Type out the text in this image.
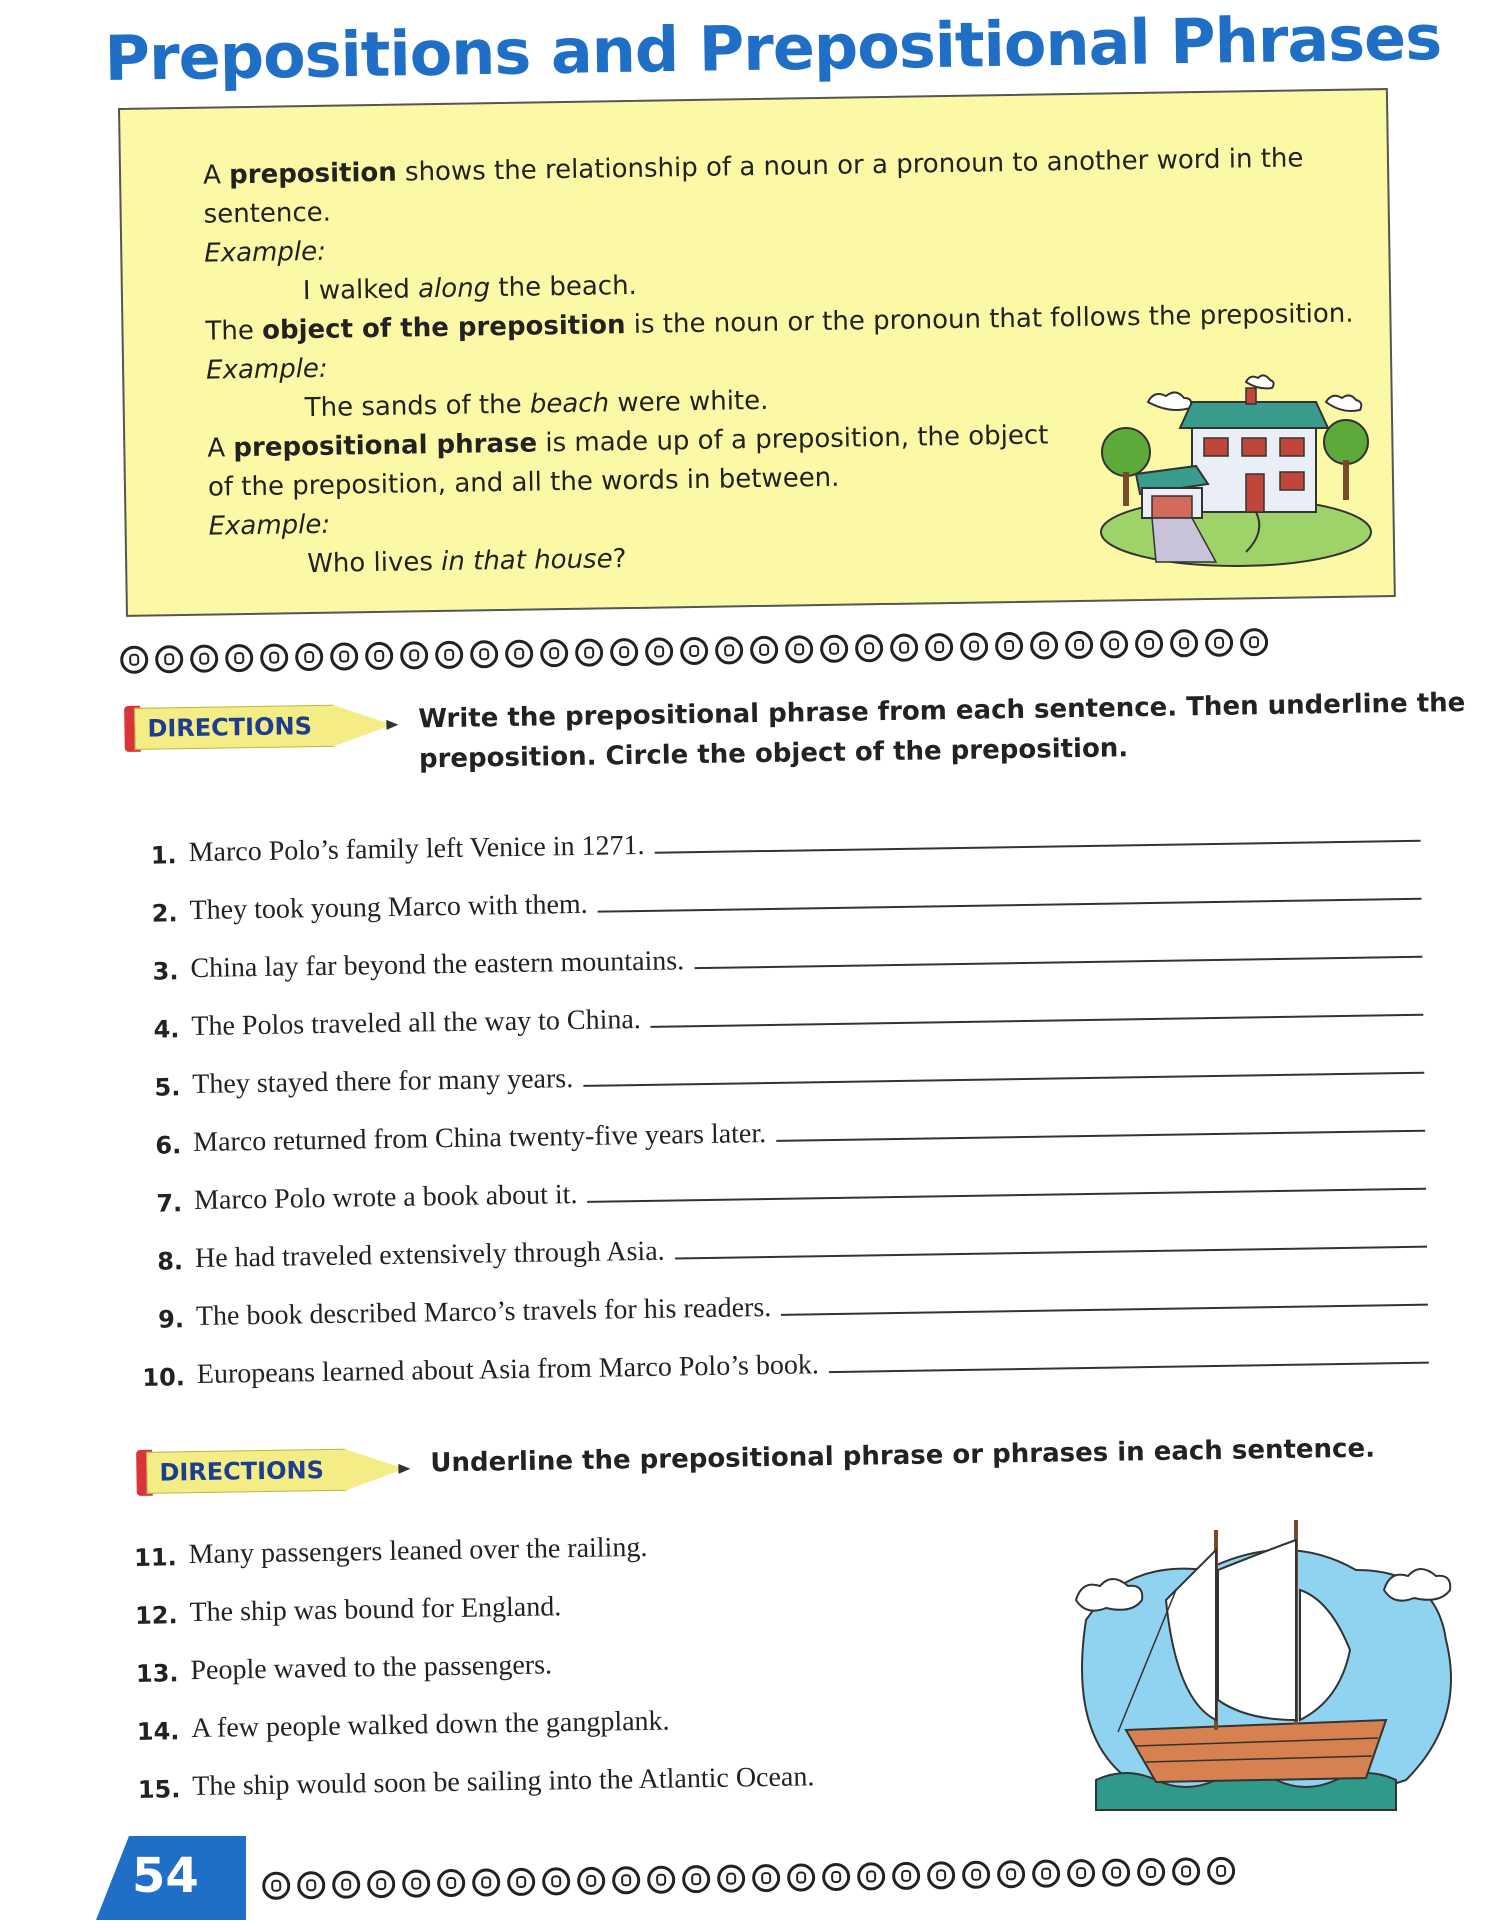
Prepositions and Prepositional Phrases
A preposition shows the relationship of a noun or a pronoun to another word in the
sentence.
Example:
I walked along the beach.
The object of the preposition is the noun or the pronoun that follows the preposition.
Example:
The sands of the beach were white.
A prepositional phrase is made up of a preposition, the object
of the preposition, and all the words in between.
Example:
Who lives in that house?
DIRECTIONS	Write the prepositional phrase from each sentence. Then underline the
preposition. Circle the object of the preposition.
1. Marco Polo’s family left Venice in 1271.
2. They took young Marco with them.
3. China lay far beyond the eastern mountains.
4. The Polos traveled all the way to China.
5. They stayed there for many years.
6. Marco returned from China twenty-five years later.
7. Marco Polo wrote a book about it.
8. He had traveled extensively through Asia.
9. The book described Marco’s travels for his readers.
10. Europeans learned about Asia from Marco Polo’s book.
DIRECTIONS	Underline the prepositional phrase or phrases in each sentence.
11. Many passengers leaned over the railing.
12. The ship was bound for England.
13. People waved to the passengers.
14. A few people walked down the gangplank.
15. The ship would soon be sailing into the Atlantic Ocean.
54
